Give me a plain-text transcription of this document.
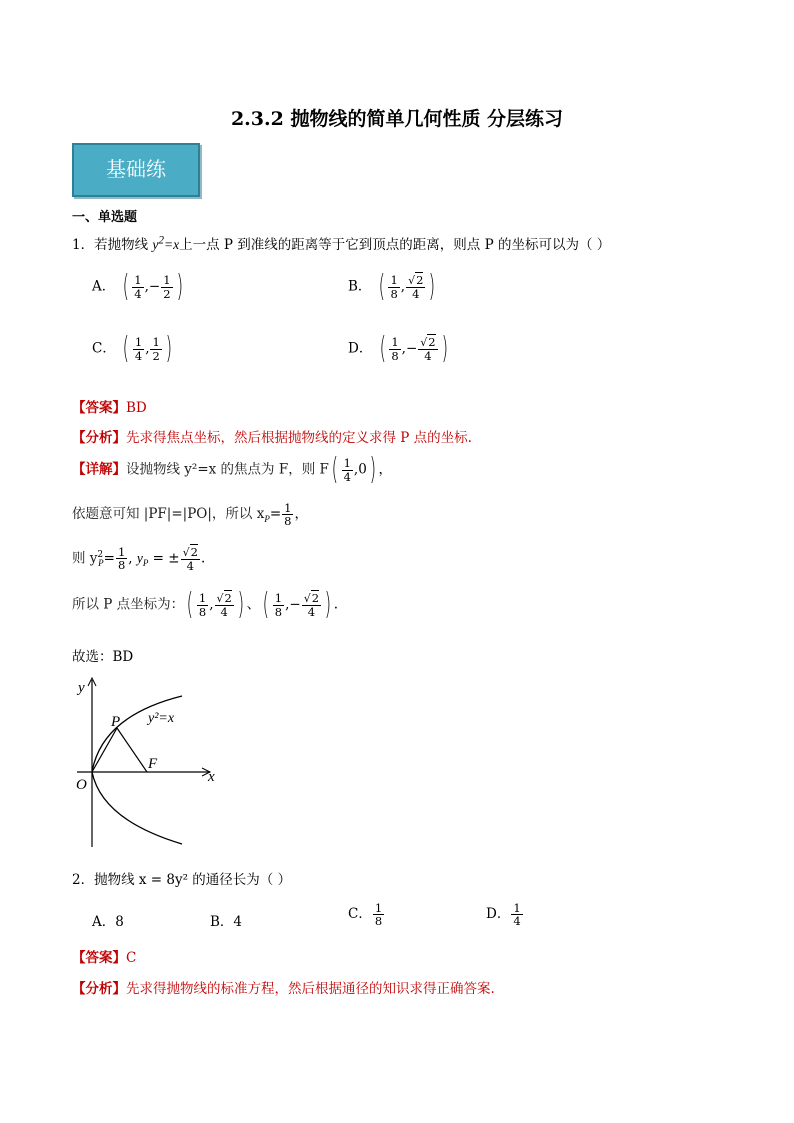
2.3.2 抛物线的简单几何性质 分层练习
基础练
一、单选题
1．若抛物线 $y^2=x$上一点 P 到准线的距离等于它到顶点的距离，则点 P 的坐标可以为（ ）
A． ( $\frac{1}{4}$ ,− $\frac{1}{2}$ )	B． ( $\frac{1}{8}$ , $\frac{√2}{4}$ )
C． ( $\frac{1}{4}$ , $\frac{1}{2}$ )	D． ( $\frac{1}{8}$ ,− $\frac{√2}{4}$ )
【答案】BD
【分析】先求得焦点坐标，然后根据抛物线的定义求得 P 点的坐标.
【详解】设抛物线 y²=x 的焦点为 F，则 $F( \frac{1}{4} ,0)$ ，
依题意可知 |PF|=|PO|，所以 $x_P= \frac{1}{8}$ ，
则 $y^2_P= \frac{1}{8}$ , $y_P$ = ± $\frac{√2}{4}$ .
所以 P 点坐标为：( $\frac{1}{8}$ , $\frac{√2}{4}$ ) 、( $\frac{1}{8}$ ,− $\frac{√2}{4}$ ) .
故选：BD
y
x
O
P
F
y²=x
2．抛物线 x = 8y² 的通径长为（ ）
A．8	B．4	C． $\frac{1}{8}$	D． $\frac{1}{4}$
【答案】C
【分析】先求得抛物线的标准方程，然后根据通径的知识求得正确答案.
